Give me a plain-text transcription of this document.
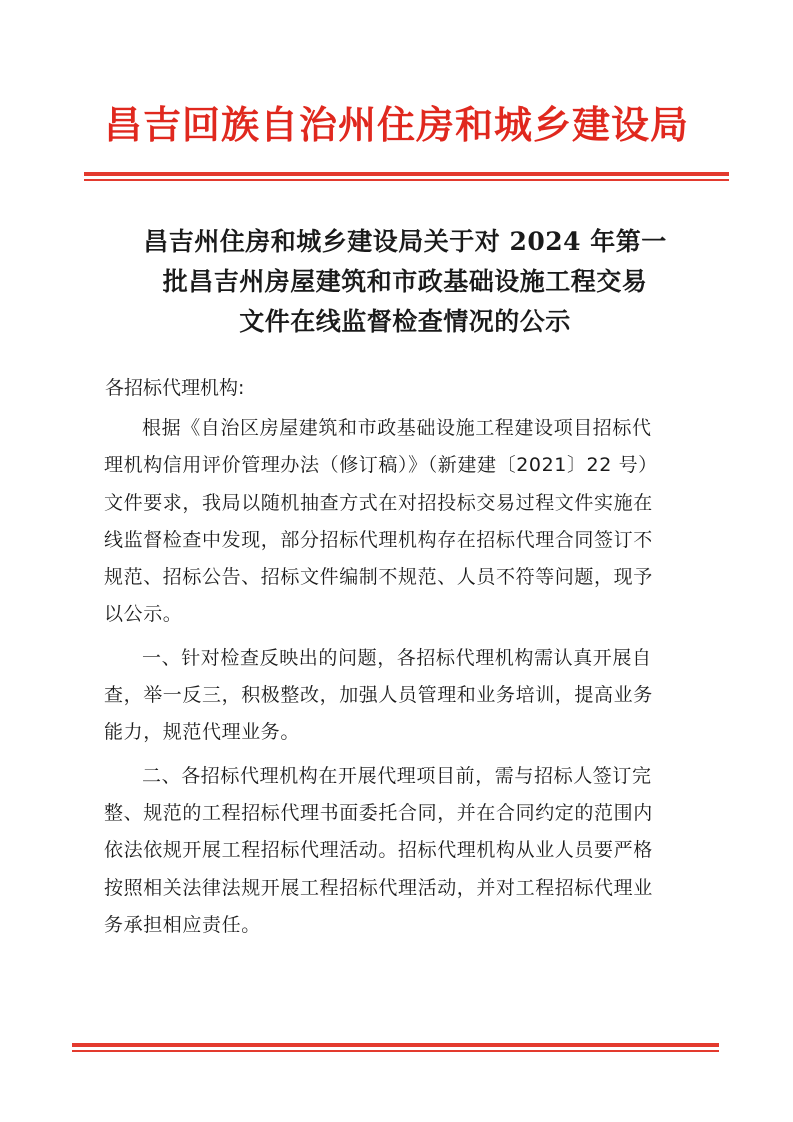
昌吉回族自治州住房和城乡建设局
昌吉州住房和城乡建设局关于对 2024 年第一
批昌吉州房屋建筑和市政基础设施工程交易
文件在线监督检查情况的公示
各招标代理机构:

根据《自治区房屋建筑和市政基础设施工程建设项目招标代
理机构信用评价管理办法（修订稿）》（新建建〔2021〕22 号）
文件要求，我局以随机抽查方式在对招投标交易过程文件实施在
线监督检查中发现，部分招标代理机构存在招标代理合同签订不
规范、招标公告、招标文件编制不规范、人员不符等问题，现予
以公示。

一、针对检查反映出的问题，各招标代理机构需认真开展自
查，举一反三，积极整改，加强人员管理和业务培训，提高业务
能力，规范代理业务。

二、各招标代理机构在开展代理项目前，需与招标人签订完
整、规范的工程招标代理书面委托合同，并在合同约定的范围内
依法依规开展工程招标代理活动。招标代理机构从业人员要严格
按照相关法律法规开展工程招标代理活动，并对工程招标代理业
务承担相应责任。
